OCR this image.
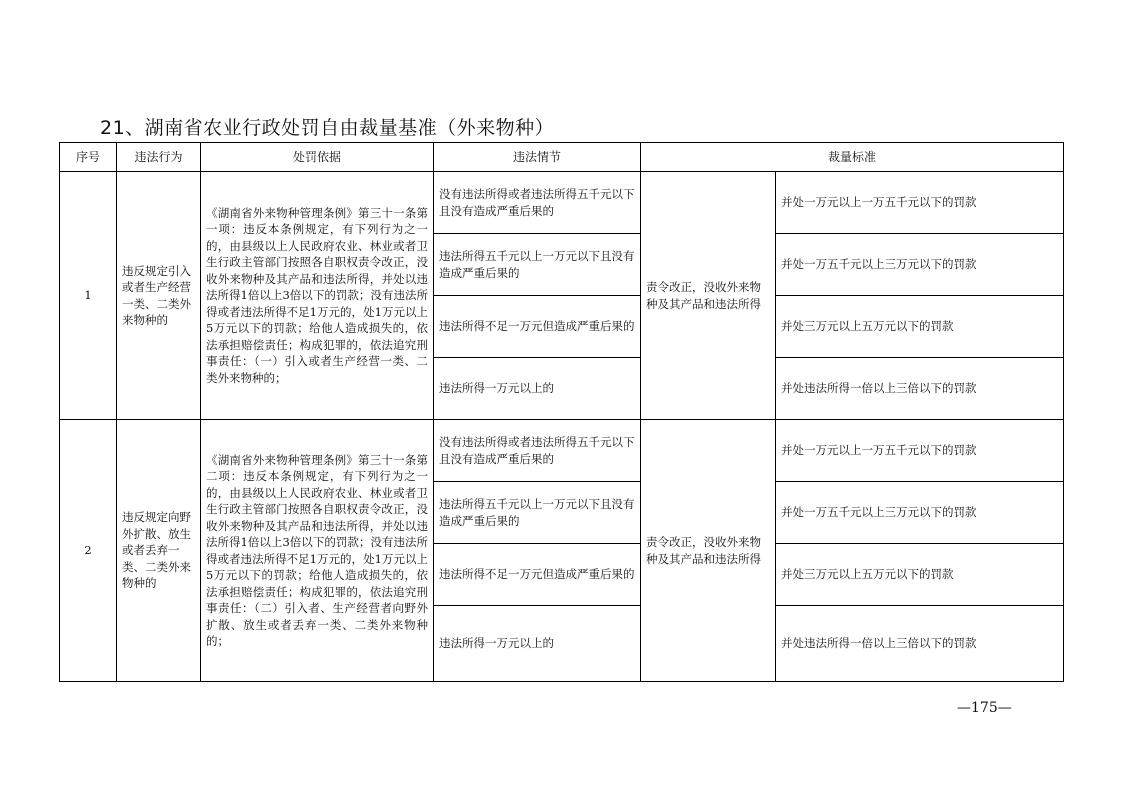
21、湖南省农业行政处罚自由裁量基准（外来物种）
序号	违法行为	处罚依据	违法情节	裁量标准	
1	违反规定引入或者生产经营一类、二类外来物种的	《湖南省外来物种管理条例》第三十一条第一项：违反本条例规定，有下列行为之一的，由县级以上人民政府农业、林业或者卫生行政主管部门按照各自职权责令改正，没收外来物种及其产品和违法所得，并处以违法所得1倍以上3倍以下的罚款；没有违法所得或者违法所得不足1万元的，处1万元以上5万元以下的罚款；给他人造成损失的，依法承担赔偿责任；构成犯罪的，依法追究刑事责任：（一）引入或者生产经营一类、二类外来物种的；	没有违法所得或者违法所得五千元以下且没有造成严重后果的	责令改正，没收外来物种及其产品和违法所得	并处一万元以上一万五千元以下的罚款
			违法所得五千元以上一万元以下且没有造成严重后果的		并处一万五千元以上三万元以下的罚款
			违法所得不足一万元但造成严重后果的		并处三万元以上五万元以下的罚款
			违法所得一万元以上的		并处违法所得一倍以上三倍以下的罚款
2	违反规定向野外扩散、放生或者丢弃一类、二类外来物种的	《湖南省外来物种管理条例》第三十一条第二项：违反本条例规定，有下列行为之一的，由县级以上人民政府农业、林业或者卫生行政主管部门按照各自职权责令改正，没收外来物种及其产品和违法所得，并处以违法所得1倍以上3倍以下的罚款；没有违法所得或者违法所得不足1万元的，处1万元以上5万元以下的罚款；给他人造成损失的，依法承担赔偿责任；构成犯罪的，依法追究刑事责任：（二）引入者、生产经营者向野外扩散、放生或者丢弃一类、二类外来物种的；	没有违法所得或者违法所得五千元以下且没有造成严重后果的	责令改正，没收外来物种及其产品和违法所得	并处一万元以上一万五千元以下的罚款
			违法所得五千元以上一万元以下且没有造成严重后果的		并处一万五千元以上三万元以下的罚款
			违法所得不足一万元但造成严重后果的		并处三万元以上五万元以下的罚款
			违法所得一万元以上的		并处违法所得一倍以上三倍以下的罚款
—175—
